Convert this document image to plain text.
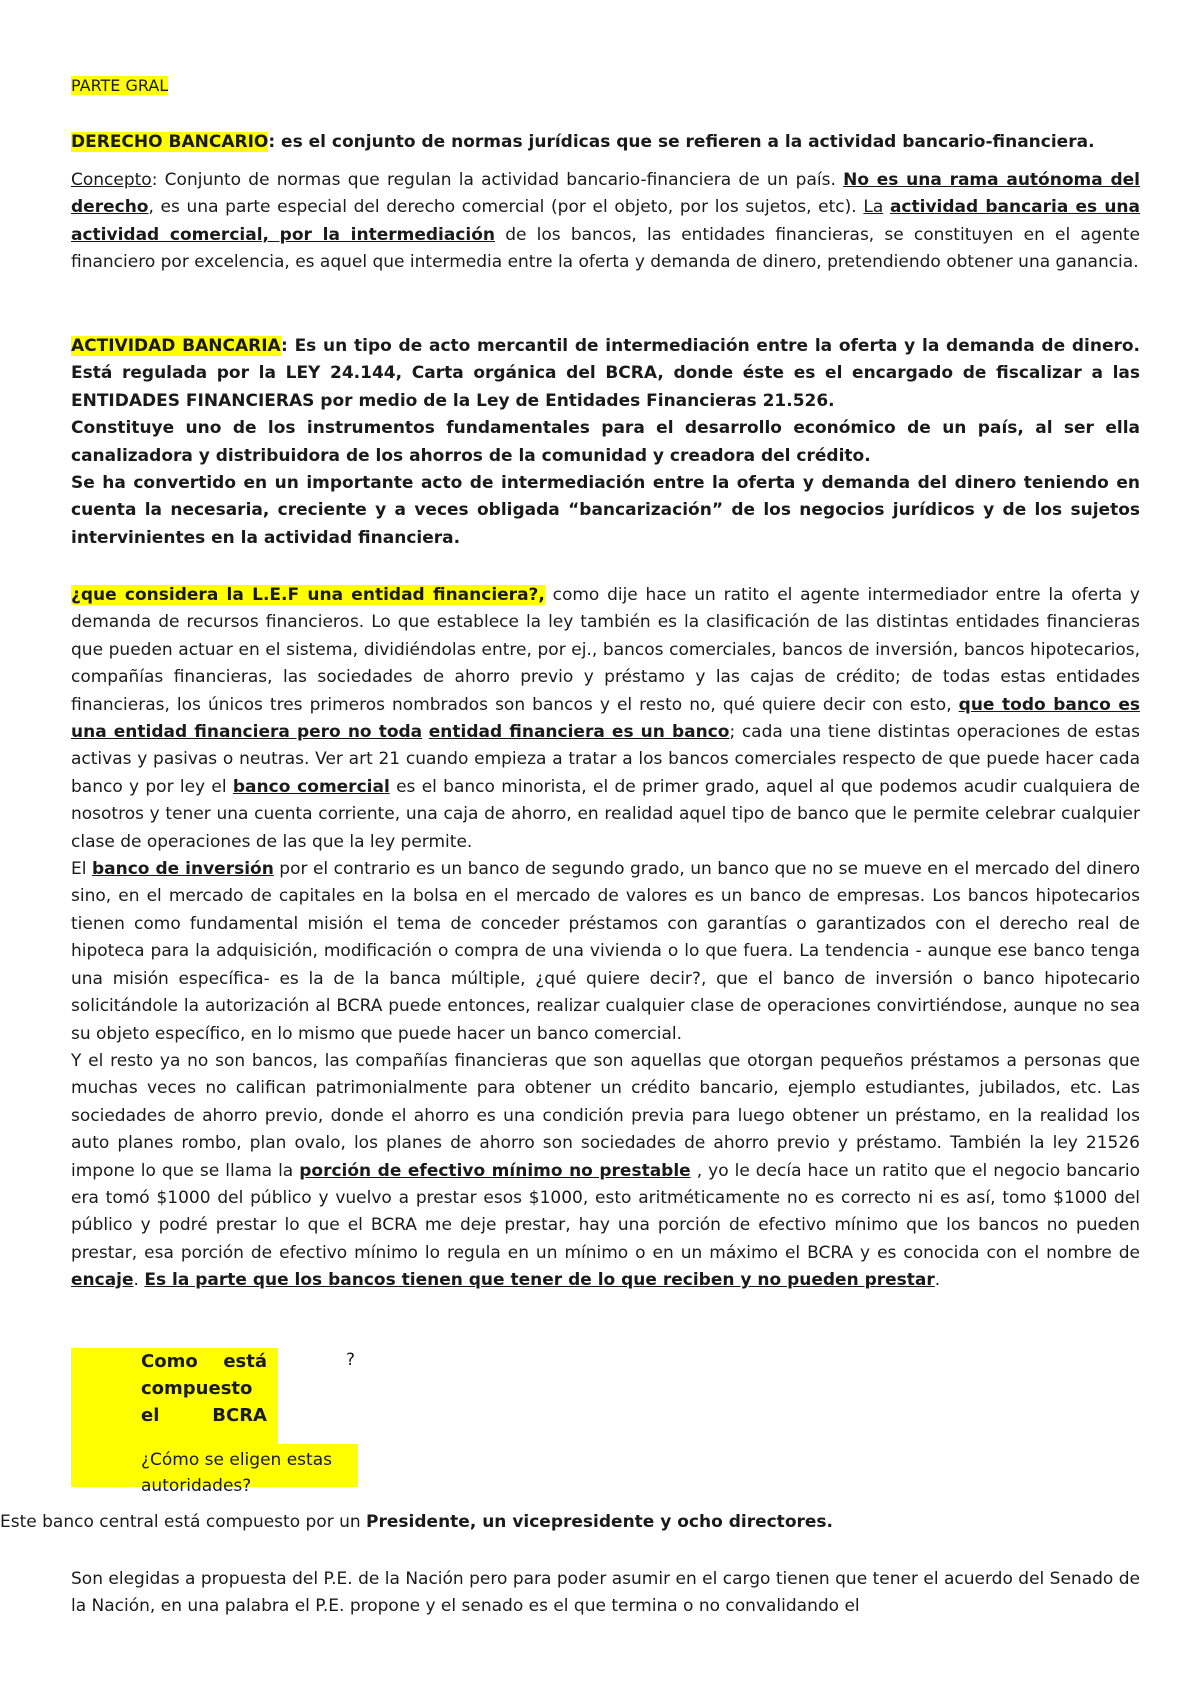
PARTE GRAL

DERECHO BANCARIO: es el conjunto de normas jurídicas que se refieren a la actividad bancario-financiera.

Concepto: Conjunto de normas que regulan la actividad bancario-financiera de un país. No es una rama autónoma del derecho, es una parte especial del derecho comercial (por el objeto, por los sujetos, etc). La actividad bancaria es una actividad comercial, por la intermediación de los bancos, las entidades financieras, se constituyen en el agente financiero por excelencia, es aquel que intermedia entre la oferta y demanda de dinero, pretendiendo obtener una ganancia.

ACTIVIDAD BANCARIA: Es un tipo de acto mercantil de intermediación entre la oferta y la demanda de dinero. Está regulada por la LEY 24.144, Carta orgánica del BCRA, donde éste es el encargado de fiscalizar a las ENTIDADES FINANCIERAS por medio de la Ley de Entidades Financieras 21.526.
Constituye uno de los instrumentos fundamentales para el desarrollo económico de un país, al ser ella canalizadora y distribuidora de los ahorros de la comunidad y creadora del crédito.
Se ha convertido en un importante acto de intermediación entre la oferta y demanda del dinero teniendo en cuenta la necesaria, creciente y a veces obligada “bancarización” de los negocios jurídicos y de los sujetos intervinientes en la actividad financiera.
¿que considera la L.E.F una entidad financiera?, como dije hace un ratito el agente intermediador entre la oferta y demanda de recursos financieros. Lo que establece la ley también es la clasificación de las distintas entidades financieras que pueden actuar en el sistema, dividiéndolas entre, por ej., bancos comerciales, bancos de inversión, bancos hipotecarios, compañías financieras, las sociedades de ahorro previo y préstamo y las cajas de crédito; de todas estas entidades financieras, los únicos tres primeros nombrados son bancos y el resto no, qué quiere decir con esto, que todo banco es una entidad financiera pero no toda entidad financiera es un banco; cada una tiene distintas operaciones de estas activas y pasivas o neutras. Ver art 21 cuando empieza a tratar a los bancos comerciales respecto de que puede hacer cada banco y por ley el banco comercial es el banco minorista, el de primer grado, aquel al que podemos acudir cualquiera de nosotros y tener una cuenta corriente, una caja de ahorro, en realidad aquel tipo de banco que le permite celebrar cualquier clase de operaciones de las que la ley permite.
El banco de inversión por el contrario es un banco de segundo grado, un banco que no se mueve en el mercado del dinero sino, en el mercado de capitales en la bolsa en el mercado de valores es un banco de empresas. Los bancos hipotecarios tienen como fundamental misión el tema de conceder préstamos con garantías o garantizados con el derecho real de hipoteca para la adquisición, modificación o compra de una vivienda o lo que fuera. La tendencia - aunque ese banco tenga una misión específica- es la de la banca múltiple, ¿qué quiere decir?, que el banco de inversión o banco hipotecario solicitándole la autorización al BCRA puede entonces, realizar cualquier clase de operaciones convirtiéndose, aunque no sea su objeto específico, en lo mismo que puede hacer un banco comercial.
Y el resto ya no son bancos, las compañías financieras que son aquellas que otorgan pequeños préstamos a personas que muchas veces no califican patrimonialmente para obtener un crédito bancario, ejemplo estudiantes, jubilados, etc. Las sociedades de ahorro previo, donde el ahorro es una condición previa para luego obtener un préstamo, en la realidad los auto planes rombo, plan ovalo, los planes de ahorro son sociedades de ahorro previo y préstamo. También la ley 21526 impone lo que se llama la porción de efectivo mínimo no prestable , yo le decía hace un ratito que el negocio bancario era tomó $1000 del público y vuelvo a prestar esos $1000, esto aritméticamente no es correcto ni es así, tomo $1000 del público y podré prestar lo que el BCRA me deje prestar, hay una porción de efectivo mínimo que los bancos no pueden prestar, esa porción de efectivo mínimo lo regula en un mínimo o en un máximo el BCRA y es conocida con el nombre de encaje. Es la parte que los bancos tienen que tener de lo que reciben y no pueden prestar.
Como está compuesto el BCRA
?
¿Cómo se eligen estas autoridades?
Este banco central está compuesto por un Presidente, un vicepresidente y ocho directores.

Son elegidas a propuesta del P.E. de la Nación pero para poder asumir en el cargo tienen que tener el acuerdo del Senado de la Nación, en una palabra el P.E. propone y el senado es el que termina o no convalidando el
